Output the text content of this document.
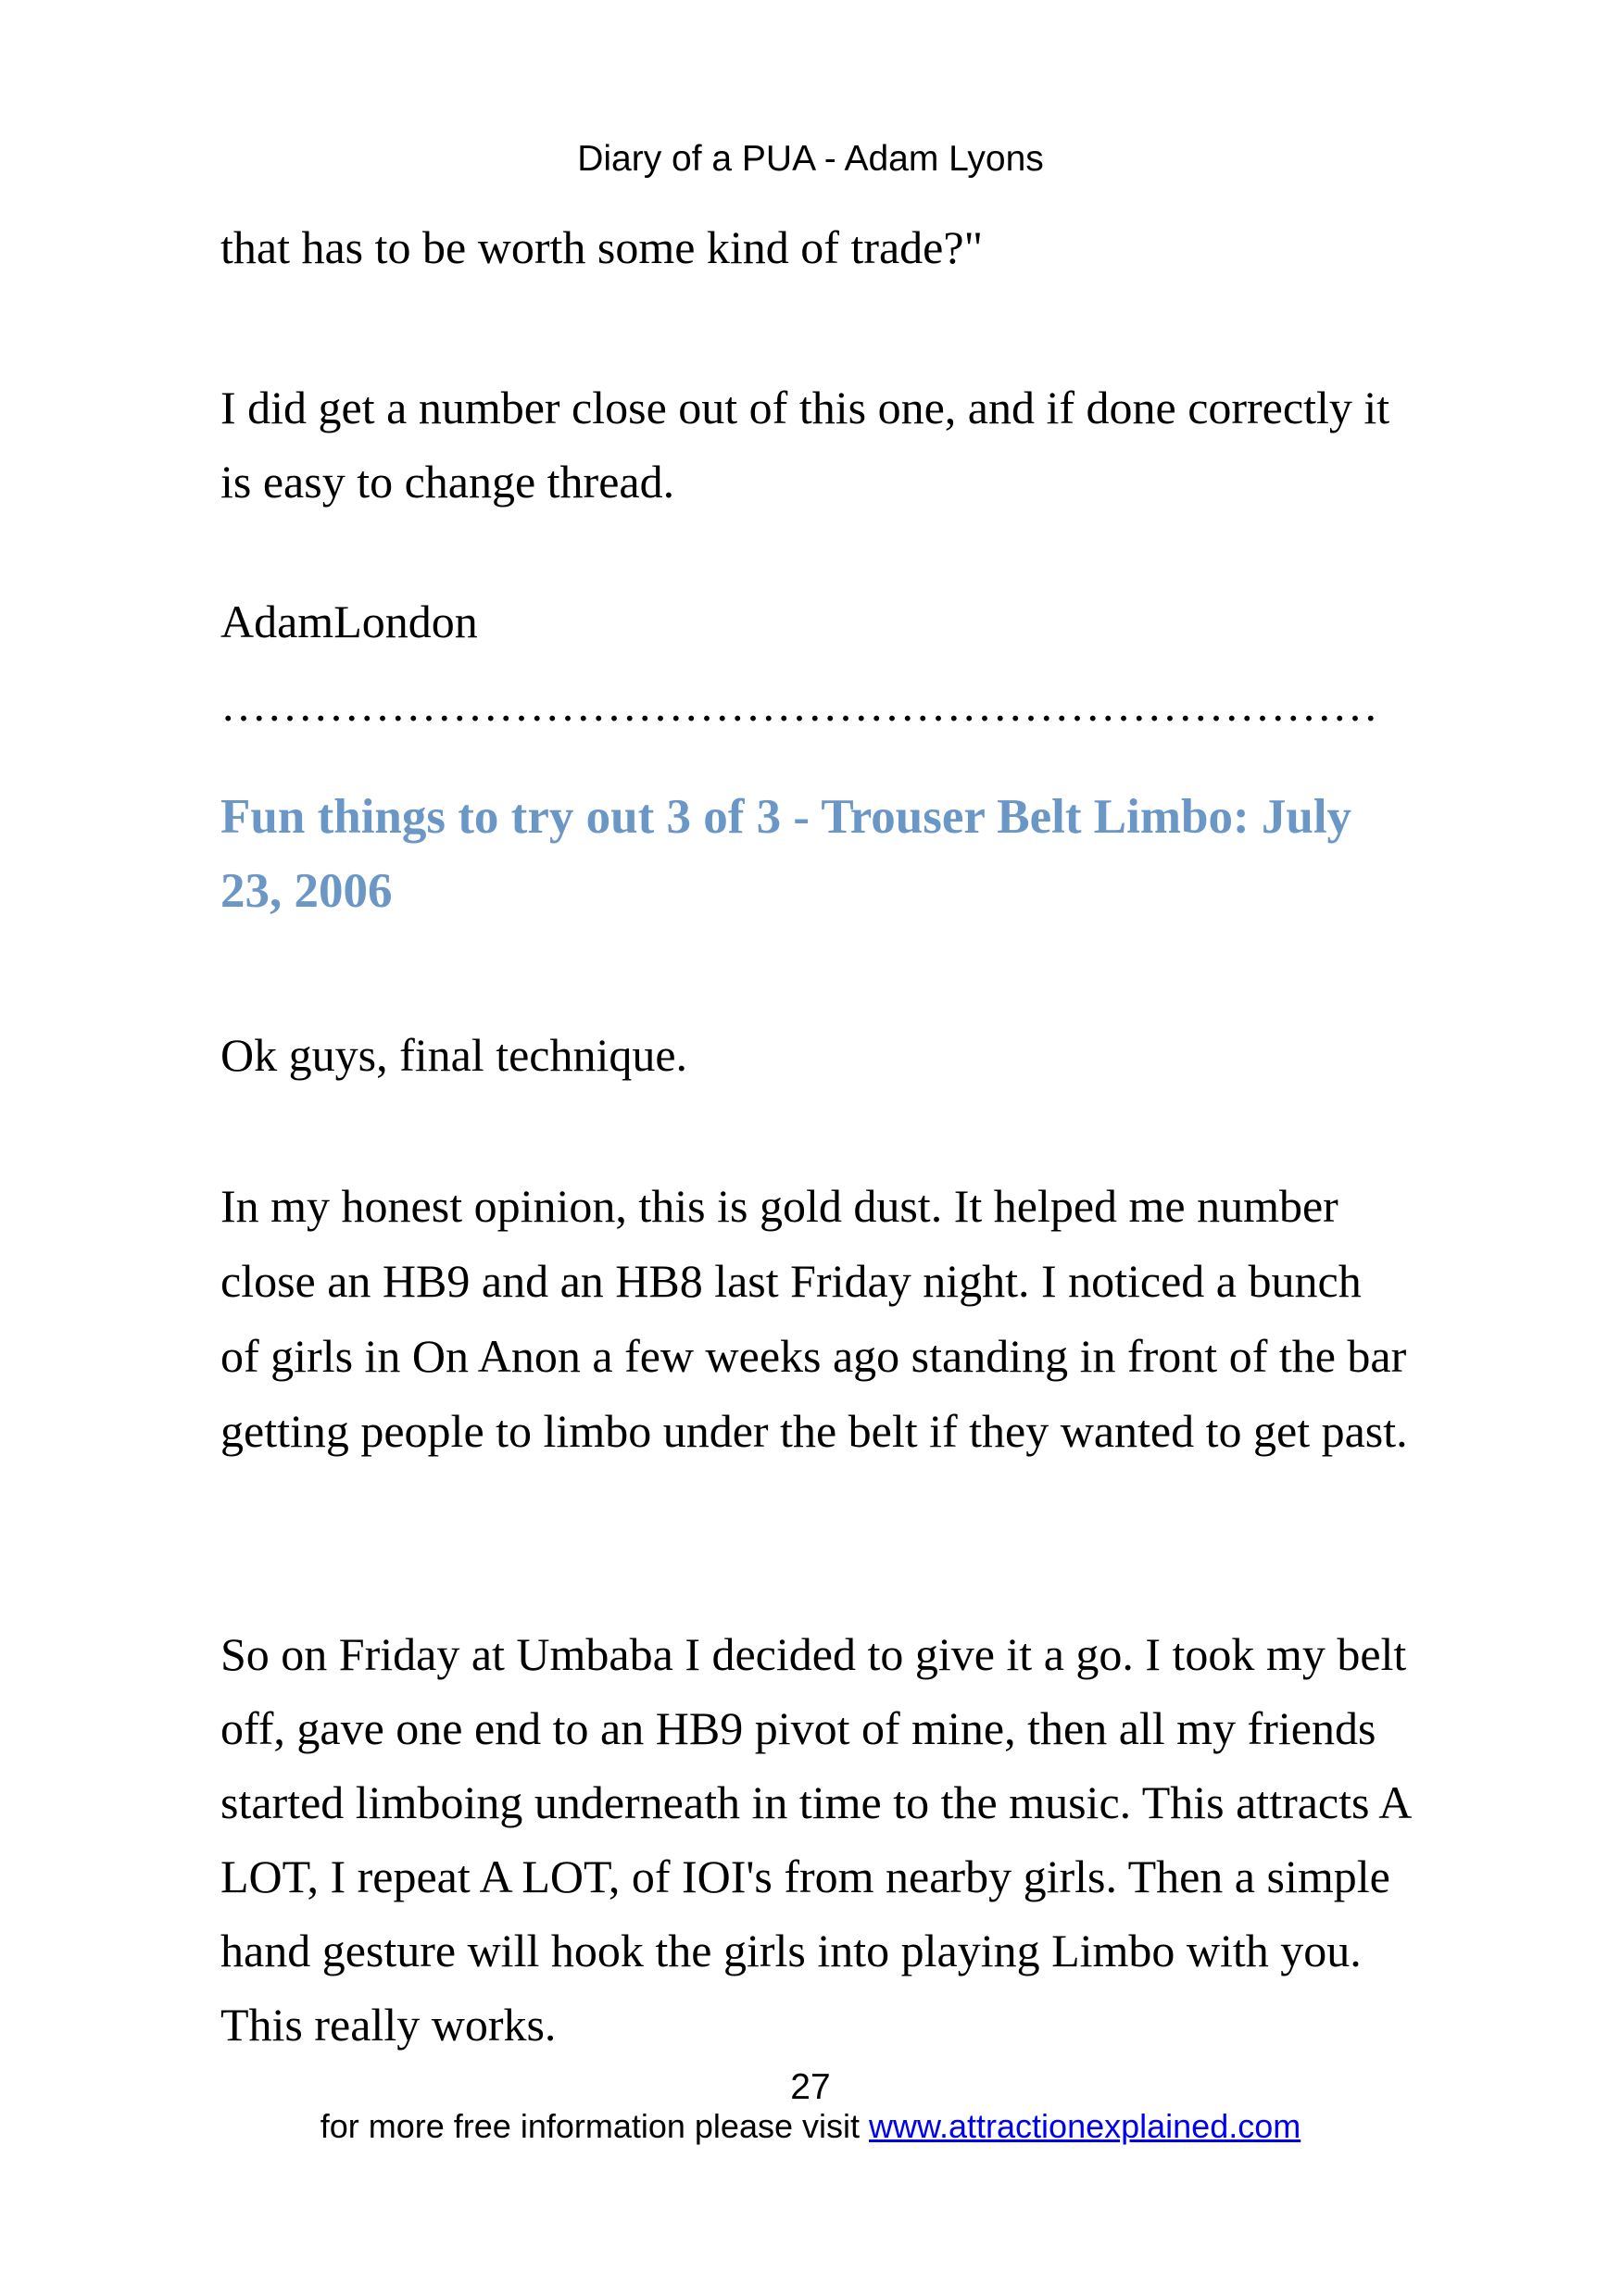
Diary of a PUA - Adam Lyons

that has to be worth some kind of trade?"

I did get a number close out of this one, and if done correctly it is easy to change thread.

AdamLondon

…………………………………………………………………
Fun things to try out 3 of 3 - Trouser Belt Limbo: July 23, 2006

Ok guys, final technique.

In my honest opinion, this is gold dust. It helped me number close an HB9 and an HB8 last Friday night. I noticed a bunch of girls in On Anon a few weeks ago standing in front of the bar getting people to limbo under the belt if they wanted to get past.

So on Friday at Umbaba I decided to give it a go. I took my belt off, gave one end to an HB9 pivot of mine, then all my friends started limboing underneath in time to the music. This attracts A LOT, I repeat A LOT, of IOI's from nearby girls. Then a simple hand gesture will hook the girls into playing Limbo with you. This really works.

27
for more free information please visit www.attractionexplained.com
